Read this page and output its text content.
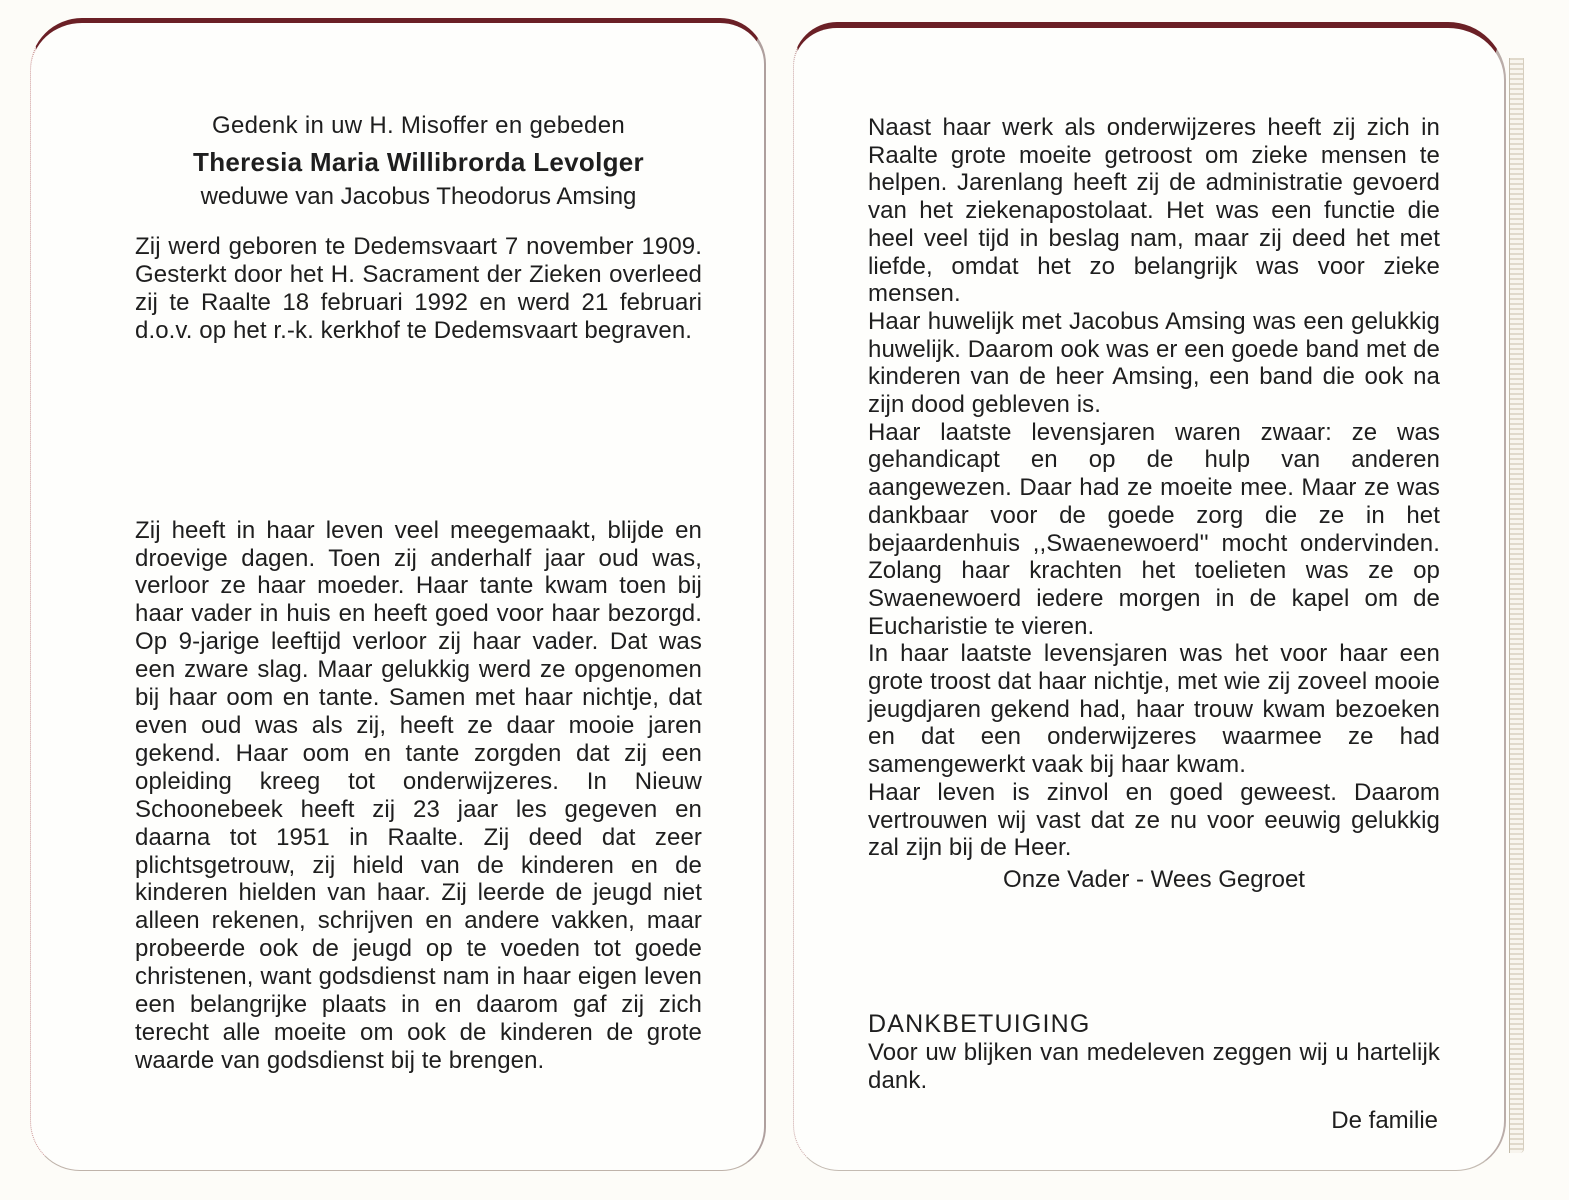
Gedenk in uw H. Misoffer en gebeden
Theresia Maria Willibrorda Levolger
weduwe van Jacobus Theodorus Amsing

Zij werd geboren te Dedemsvaart 7 november 1909. Gesterkt door het H. Sacrament der Zieken overleed zij te Raalte 18 februari 1992 en werd 21 februari d.o.v. op het r.-k. kerkhof te Dedemsvaart begraven.

Zij heeft in haar leven veel meegemaakt, blijde en droevige dagen. Toen zij anderhalf jaar oud was, verloor ze haar moeder. Haar tante kwam toen bij haar vader in huis en heeft goed voor haar bezorgd. Op 9-jarige leeftijd verloor zij haar vader. Dat was een zware slag. Maar gelukkig werd ze opgenomen bij haar oom en tante. Samen met haar nichtje, dat even oud was als zij, heeft ze daar mooie jaren gekend. Haar oom en tante zorgden dat zij een opleiding kreeg tot onderwijzeres. In Nieuw Schoonebeek heeft zij 23 jaar les gegeven en daarna tot 1951 in Raalte. Zij deed dat zeer plichtsgetrouw, zij hield van de kinderen en de kinderen hielden van haar. Zij leerde de jeugd niet alleen rekenen, schrijven en andere vakken, maar probeerde ook de jeugd op te voeden tot goede christenen, want godsdienst nam in haar eigen leven een belangrijke plaats in en daarom gaf zij zich terecht alle moeite om ook de kinderen de grote waarde van godsdienst bij te brengen.

Naast haar werk als onderwijzeres heeft zij zich in Raalte grote moeite getroost om zieke mensen te helpen. Jarenlang heeft zij de administratie gevoerd van het ziekenapostolaat. Het was een functie die heel veel tijd in beslag nam, maar zij deed het met liefde, omdat het zo belangrijk was voor zieke mensen.

Haar huwelijk met Jacobus Amsing was een gelukkig huwelijk. Daarom ook was er een goede band met de kinderen van de heer Amsing, een band die ook na zijn dood gebleven is.

Haar laatste levensjaren waren zwaar: ze was gehandicapt en op de hulp van anderen aangewezen. Daar had ze moeite mee. Maar ze was dankbaar voor de goede zorg die ze in het bejaardenhuis ,,Swaenewoerd'' mocht ondervinden. Zolang haar krachten het toelieten was ze op Swaenewoerd iedere morgen in de kapel om de Eucharistie te vieren.

In haar laatste levensjaren was het voor haar een grote troost dat haar nichtje, met wie zij zoveel mooie jeugdjaren gekend had, haar trouw kwam bezoeken en dat een onderwijzeres waarmee ze had samengewerkt vaak bij haar kwam.

Haar leven is zinvol en goed geweest. Daarom vertrouwen wij vast dat ze nu voor eeuwig gelukkig zal zijn bij de Heer.

Onze Vader - Wees Gegroet
DANKBETUIGING

Voor uw blijken van medeleven zeggen wij u hartelijk dank.

De familie
